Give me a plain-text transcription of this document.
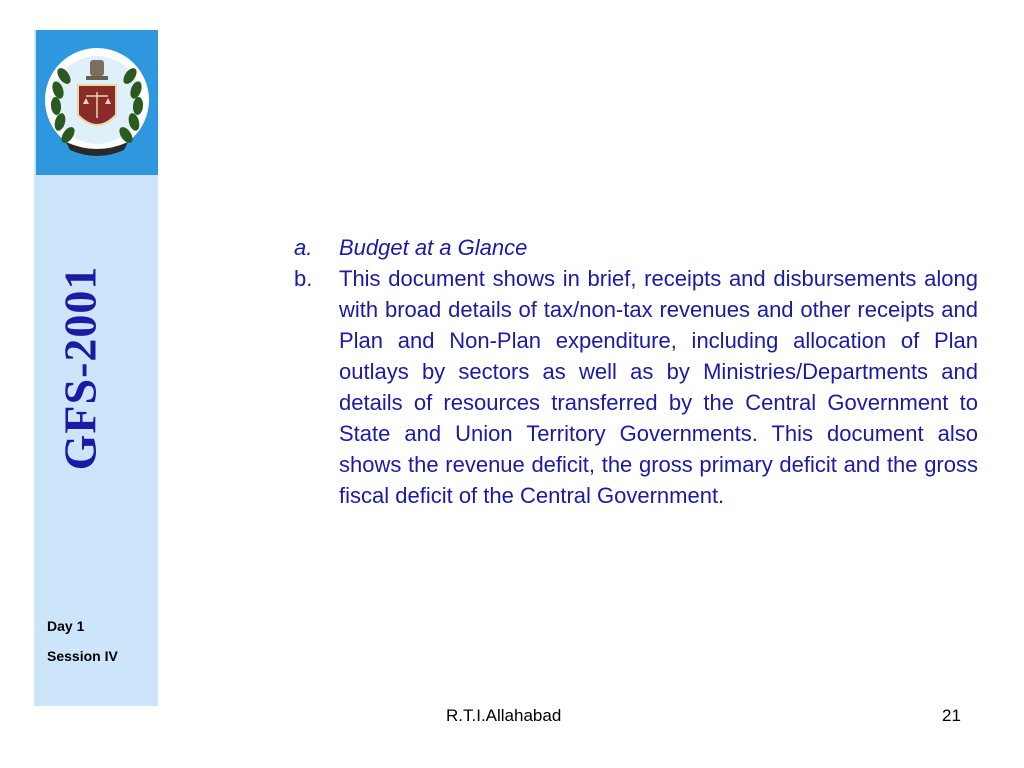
GFS-2001
Day 1
Session IV
a.	Budget at a Glance
b.	This document shows in brief, receipts and disbursements along with broad details of tax/non-tax revenues and other receipts and Plan and Non-Plan expenditure, including allocation of Plan outlays by sectors as well as by Ministries/Departments and details of resources transferred by the Central Government to State and Union Territory Governments. This document also shows the revenue deficit, the gross primary deficit and the gross fiscal deficit of the Central Government.
R.T.I.Allahabad	21
